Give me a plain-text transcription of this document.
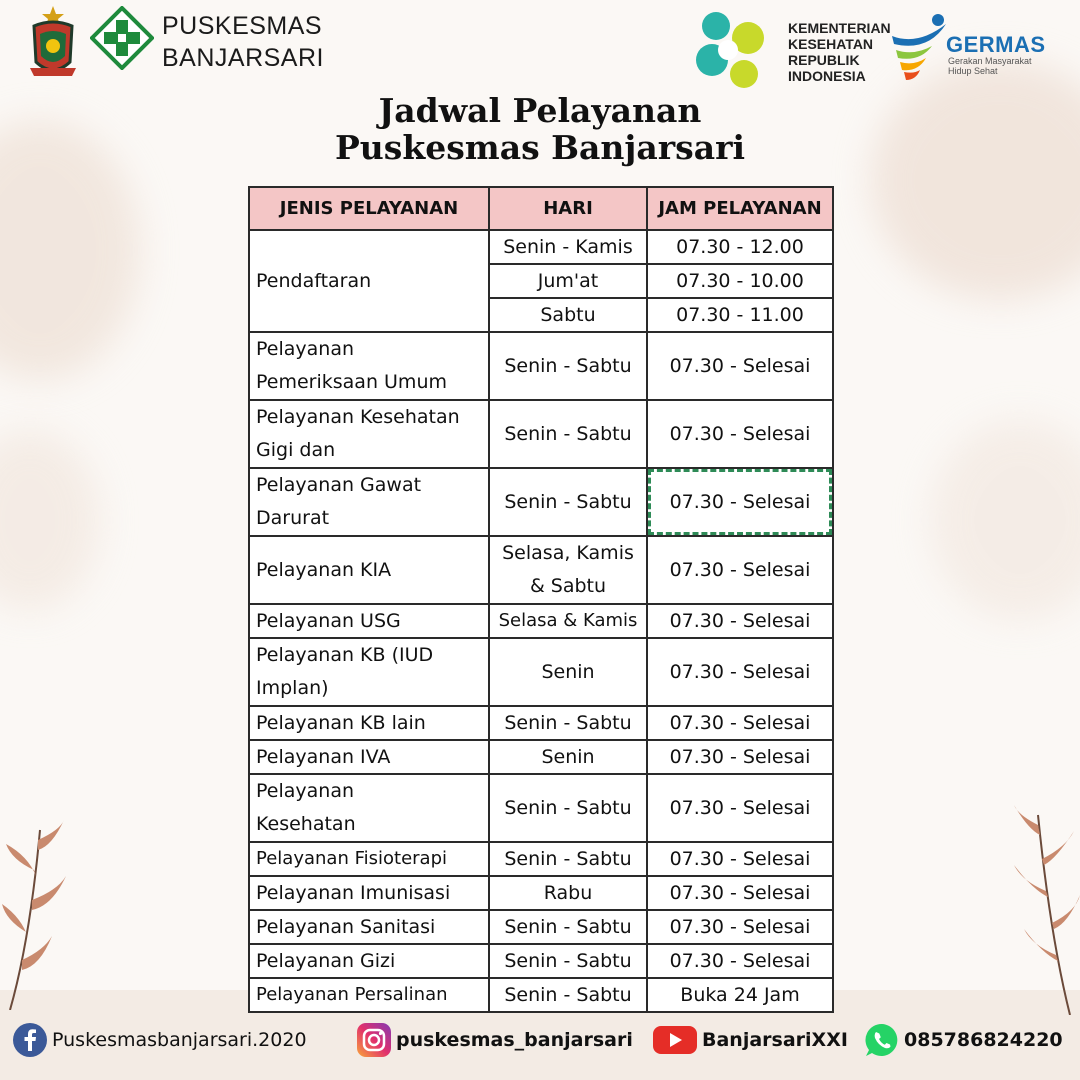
PUSKESMAS
BANJARSARI
KEMENTERIAN
KESEHATAN
REPUBLIK
INDONESIA
GERMAS
Gerakan Masyarakat
Hidup Sehat
Jadwal Pelayanan
Puskesmas Banjarsari
JENIS PELAYANAN	HARI	JAM PELAYANAN
Pendaftaran	Senin - Kamis	07.30 - 12.00
	Jum'at	07.30 - 10.00
	Sabtu	07.30 - 11.00
Pelayanan Pemeriksaan Umum	Senin - Sabtu	07.30 - Selesai
Pelayanan Kesehatan Gigi dan	Senin - Sabtu	07.30 - Selesai
Pelayanan Gawat Darurat	Senin - Sabtu	07.30 - Selesai
Pelayanan KIA	Selasa, Kamis & Sabtu	07.30 - Selesai
Pelayanan USG	Selasa & Kamis	07.30 - Selesai
Pelayanan KB (IUD Implan)	Senin	07.30 - Selesai
Pelayanan KB lain	Senin - Sabtu	07.30 - Selesai
Pelayanan IVA	Senin	07.30 - Selesai
Pelayanan Kesehatan	Senin - Sabtu	07.30 - Selesai
Pelayanan Fisioterapi	Senin - Sabtu	07.30 - Selesai
Pelayanan Imunisasi	Rabu	07.30 - Selesai
Pelayanan Sanitasi	Senin - Sabtu	07.30 - Selesai
Pelayanan Gizi	Senin - Sabtu	07.30 - Selesai
Pelayanan Persalinan	Senin - Sabtu	Buka 24 Jam
Puskesmasbanjarsari.2020	puskesmas_banjarsari	BanjarsariXXI	085786824220
